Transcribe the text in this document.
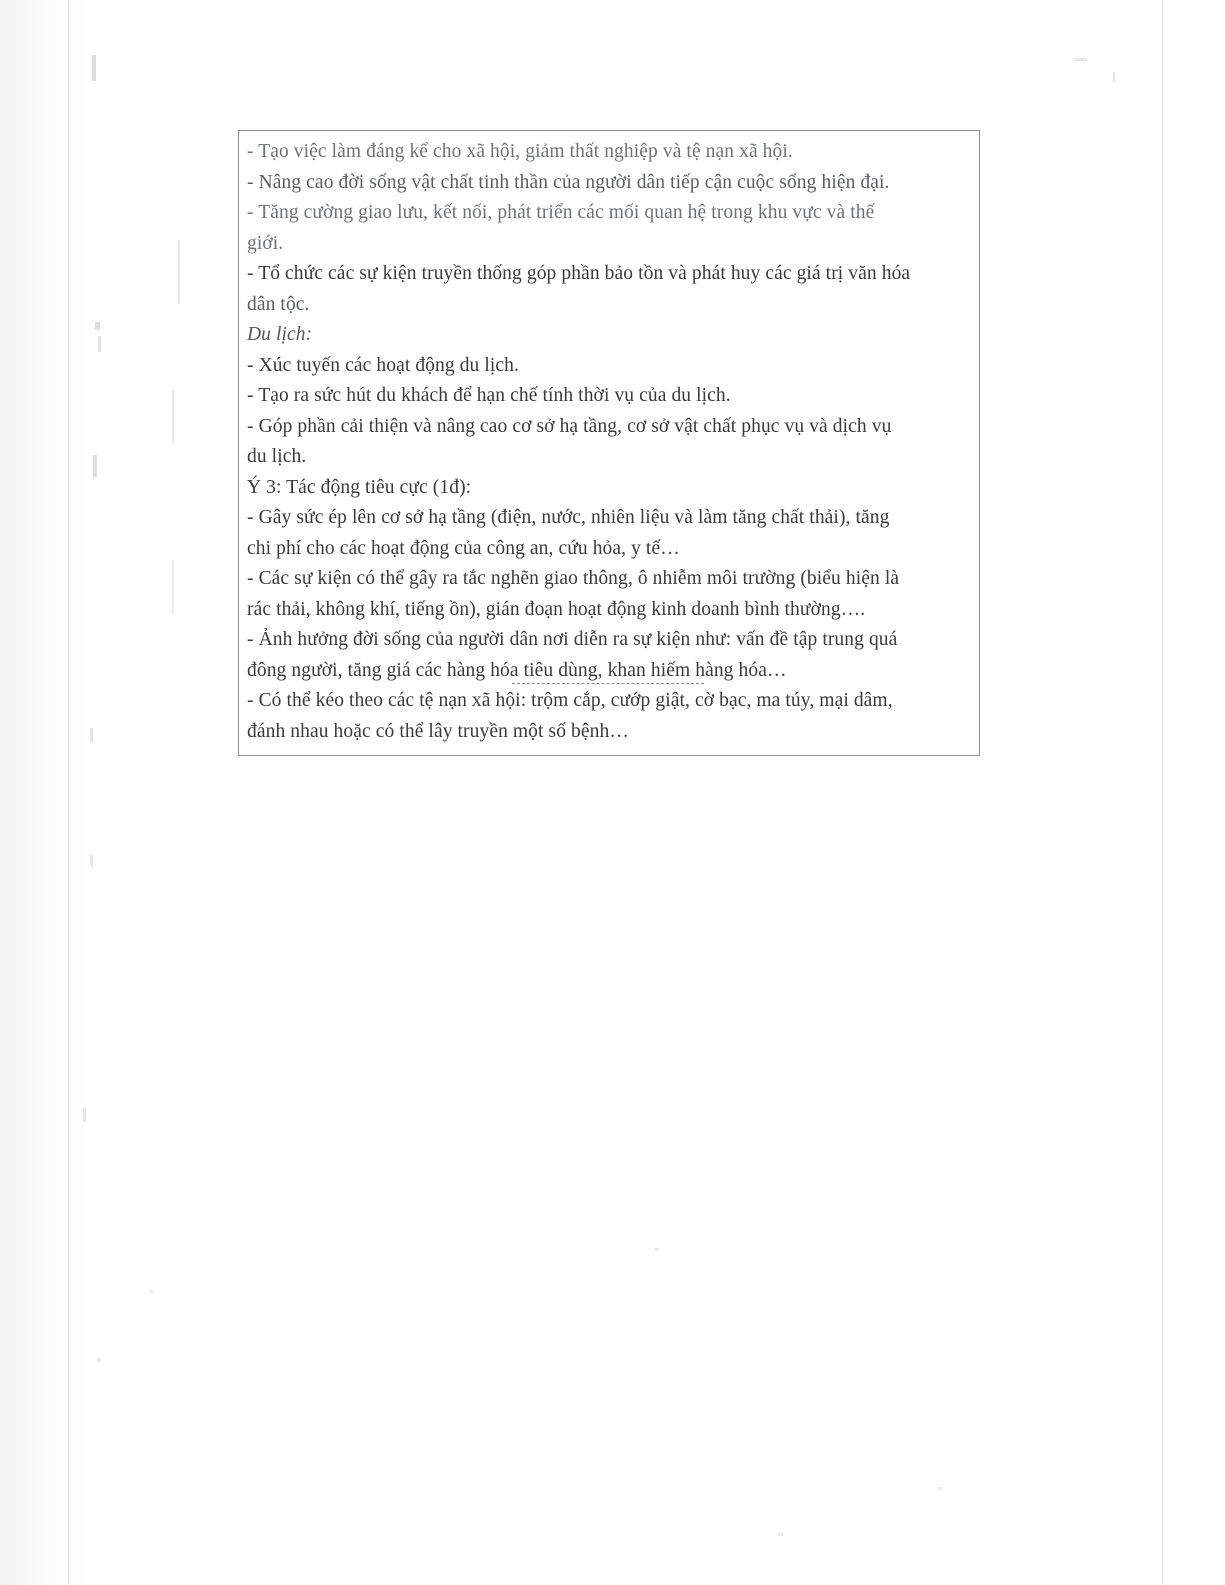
- Tạo việc làm đáng kể cho xã hội, giảm thất nghiệp và tệ nạn xã hội.
- Nâng cao đời sống vật chất tinh thần của người dân tiếp cận cuộc sống hiện đại.
- Tăng cường giao lưu, kết nối, phát triển các mối quan hệ trong khu vực và thế
giới.
- Tổ chức các sự kiện truyền thống góp phần bảo tồn và phát huy các giá trị văn hóa
dân tộc.
Du lịch:
- Xúc tuyến các hoạt động du lịch.
- Tạo ra sức hút du khách để hạn chế tính thời vụ của du lịch.
- Góp phần cải thiện và nâng cao cơ sở hạ tầng, cơ sở vật chất phục vụ và dịch vụ
du lịch.
Ý 3: Tác động tiêu cực (1đ):
- Gây sức ép lên cơ sở hạ tầng (điện, nước, nhiên liệu và làm tăng chất thải), tăng
chi phí cho các hoạt động của công an, cứu hỏa, y tế…
- Các sự kiện có thể gây ra tắc nghẽn giao thông, ô nhiễm môi trường (biểu hiện là
rác thải, không khí, tiếng ồn), gián đoạn hoạt động kinh doanh bình thường….
- Ảnh hưởng đời sống của người dân nơi diễn ra sự kiện như: vấn đề tập trung quá
đông người, tăng giá các hàng hóa tiêu dùng, khan hiếm hàng hóa…
- Có thể kéo theo các tệ nạn xã hội: trộm cắp, cướp giật, cờ bạc, ma túy, mại dâm,
đánh nhau hoặc có thể lây truyền một số bệnh…
